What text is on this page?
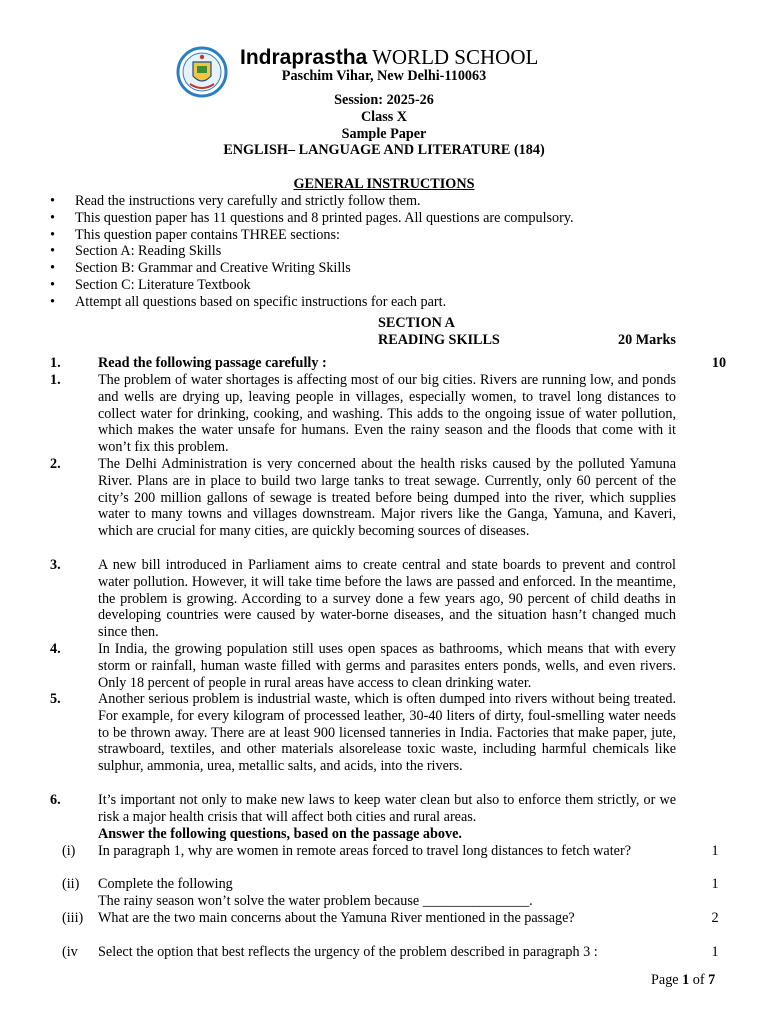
Indraprastha WORLD SCHOOL
Paschim Vihar, New Delhi-110063
Session: 2025-26
Class X
Sample Paper
ENGLISH– LANGUAGE AND LITERATURE (184)
GENERAL INSTRUCTIONS
• Read the instructions very carefully and strictly follow them.
• This question paper has 11 questions and 8 printed pages. All questions are compulsory.
• This question paper contains THREE sections:
• Section A: Reading Skills
• Section B: Grammar and Creative Writing Skills
• Section C: Literature Textbook
• Attempt all questions based on specific instructions for each part.
SECTION A
READING SKILLS	20 Marks
1.	Read the following passage carefully :	10
1.	The problem of water shortages is affecting most of our big cities. Rivers are running low, and ponds and wells are drying up, leaving people in villages, especially women, to travel long distances to collect water for drinking, cooking, and washing. This adds to the ongoing issue of water pollution, which makes the water unsafe for humans. Even the rainy season and the floods that come with it won’t fix this problem.
2.	The Delhi Administration is very concerned about the health risks caused by the polluted Yamuna River. Plans are in place to build two large tanks to treat sewage. Currently, only 60 percent of the city’s 200 million gallons of sewage is treated before being dumped into the river, which supplies water to many towns and villages downstream. Major rivers like the Ganga, Yamuna, and Kaveri, which are crucial for many cities, are quickly becoming sources of diseases.
3.	A new bill introduced in Parliament aims to create central and state boards to prevent and control water pollution. However, it will take time before the laws are passed and enforced. In the meantime, the problem is growing. According to a survey done a few years ago, 90 percent of child deaths in developing countries were caused by water-borne diseases, and the situation hasn’t changed much since then.
4.	In India, the growing population still uses open spaces as bathrooms, which means that with every storm or rainfall, human waste filled with germs and parasites enters ponds, wells, and even rivers. Only 18 percent of people in rural areas have access to clean drinking water.
5.	Another serious problem is industrial waste, which is often dumped into rivers without being treated. For example, for every kilogram of processed leather, 30-40 liters of dirty, foul-smelling water needs to be thrown away. There are at least 900 licensed tanneries in India. Factories that make paper, jute, strawboard, textiles, and other materials alsorelease toxic waste, including harmful chemicals like sulphur, ammonia, urea, metallic salts, and acids, into the rivers.
6.	It’s important not only to make new laws to keep water clean but also to enforce them strictly, or we risk a major health crisis that will affect both cities and rural areas.
Answer the following questions, based on the passage above.
(i)	In paragraph 1, why are women in remote areas forced to travel long distances to fetch water?	1
(ii)	Complete the following	1
The rainy season won’t solve the water problem because _______________.
(iii)	What are the two main concerns about the Yamuna River mentioned in the passage?	2
(iv	Select the option that best reflects the urgency of the problem described in paragraph 3 :	1
Page 1 of 7
